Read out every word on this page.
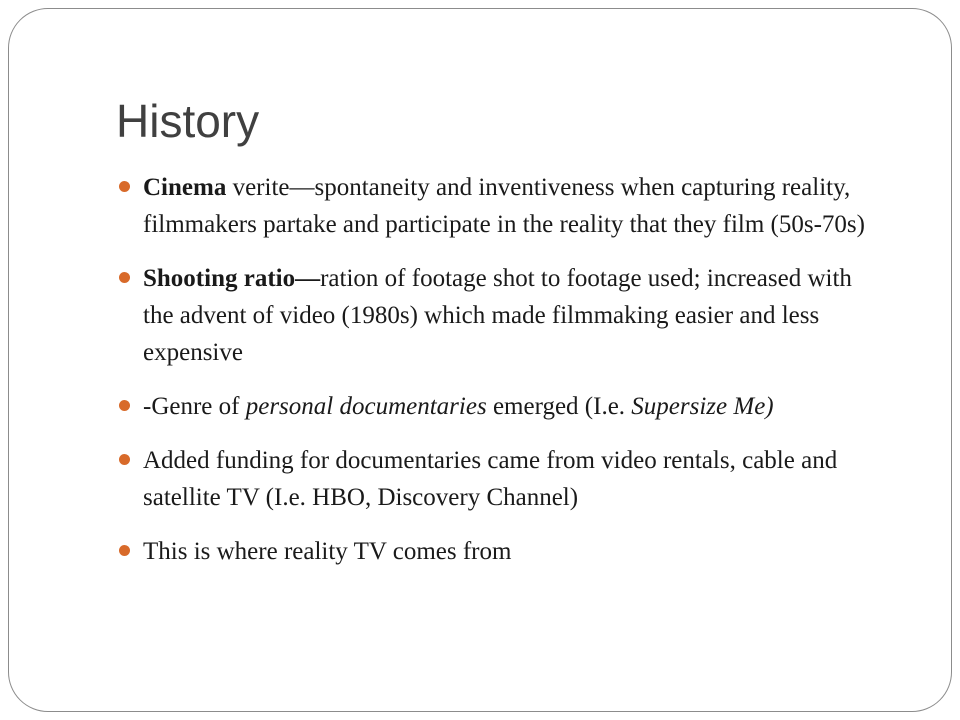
History
Cinema verite—spontaneity and inventiveness when capturing reality, filmmakers partake and participate in the reality that they film (50s-70s)
Shooting ratio—ration of footage shot to footage used; increased with the advent of video (1980s) which made filmmaking easier and less expensive
-Genre of personal documentaries emerged (I.e. Supersize Me)
Added funding for documentaries came from video rentals, cable and satellite TV (I.e. HBO, Discovery Channel)
This is where reality TV comes from
